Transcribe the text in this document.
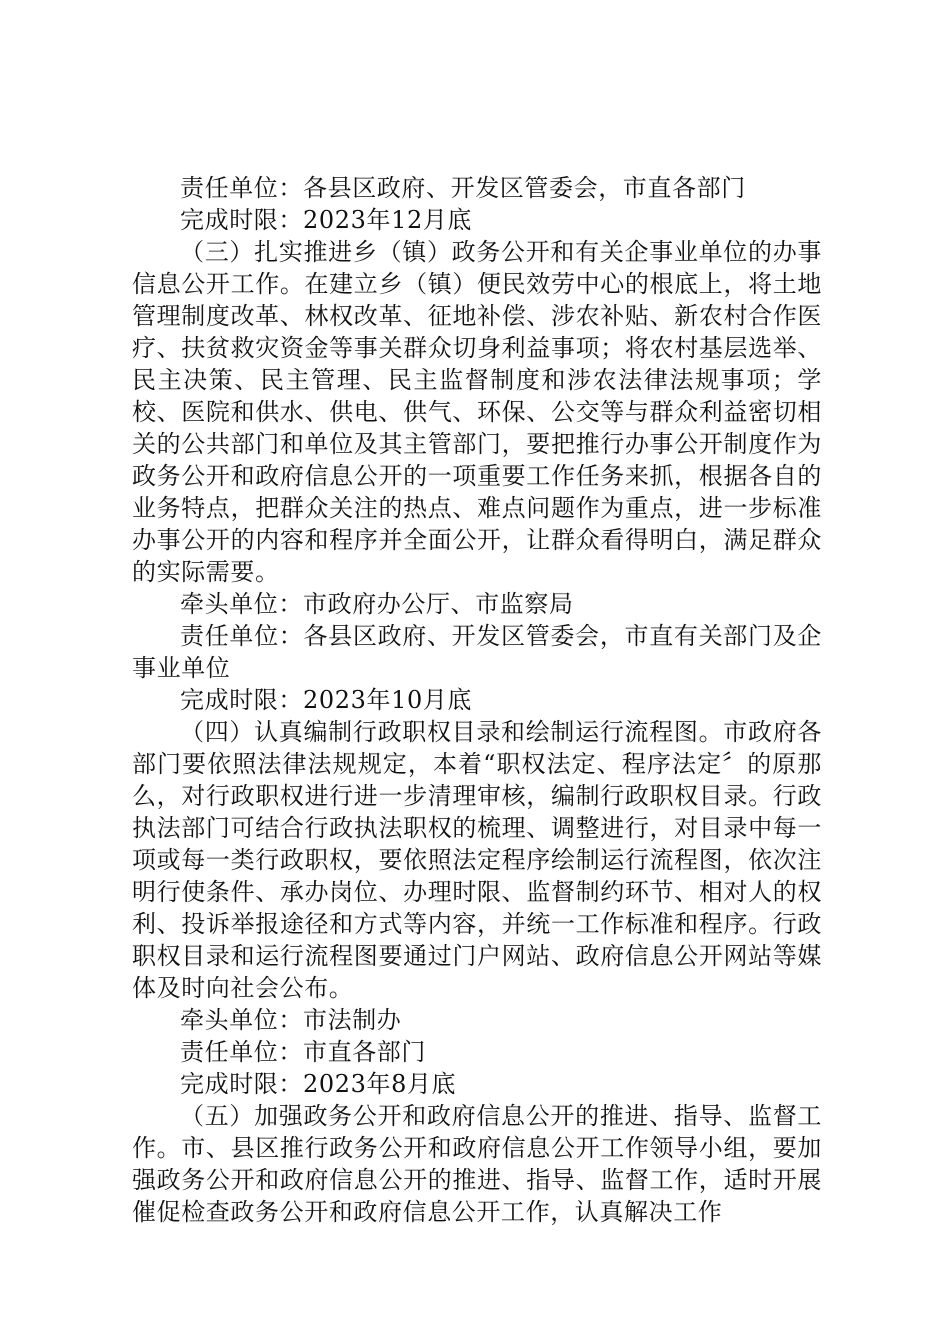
责任单位：各县区政府、开发区管委会，市直各部门

完成时限：2023年12月底

（三）扎实推进乡（镇）政务公开和有关企事业单位的办事信息公开工作。在建立乡（镇）便民效劳中心的根底上，将土地管理制度改革、林权改革、征地补偿、涉农补贴、新农村合作医疗、扶贫救灾资金等事关群众切身利益事项；将农村基层选举、民主决策、民主管理、民主监督制度和涉农法律法规事项；学校、医院和供水、供电、供气、环保、公交等与群众利益密切相关的公共部门和单位及其主管部门，要把推行办事公开制度作为政务公开和政府信息公开的一项重要工作任务来抓，根据各自的业务特点，把群众关注的热点、难点问题作为重点，进一步标准办事公开的内容和程序并全面公开，让群众看得明白，满足群众的实际需要。

牵头单位：市政府办公厅、市监察局

责任单位：各县区政府、开发区管委会，市直有关部门及企事业单位

完成时限：2023年10月底

（四）认真编制行政职权目录和绘制运行流程图。市政府各部门要依照法律法规规定，本着“职权法定、程序法定〞的原那么，对行政职权进行进一步清理审核，编制行政职权目录。行政执法部门可结合行政执法职权的梳理、调整进行，对目录中每一项或每一类行政职权，要依照法定程序绘制运行流程图，依次注明行使条件、承办岗位、办理时限、监督制约环节、相对人的权利、投诉举报途径和方式等内容，并统一工作标准和程序。行政职权目录和运行流程图要通过门户网站、政府信息公开网站等媒体及时向社会公布。

牵头单位：市法制办

责任单位：市直各部门

完成时限：2023年8月底

（五）加强政务公开和政府信息公开的推进、指导、监督工作。市、县区推行政务公开和政府信息公开工作领导小组，要加强政务公开和政府信息公开的推进、指导、监督工作，适时开展催促检查政务公开和政府信息公开工作，认真解决工作
